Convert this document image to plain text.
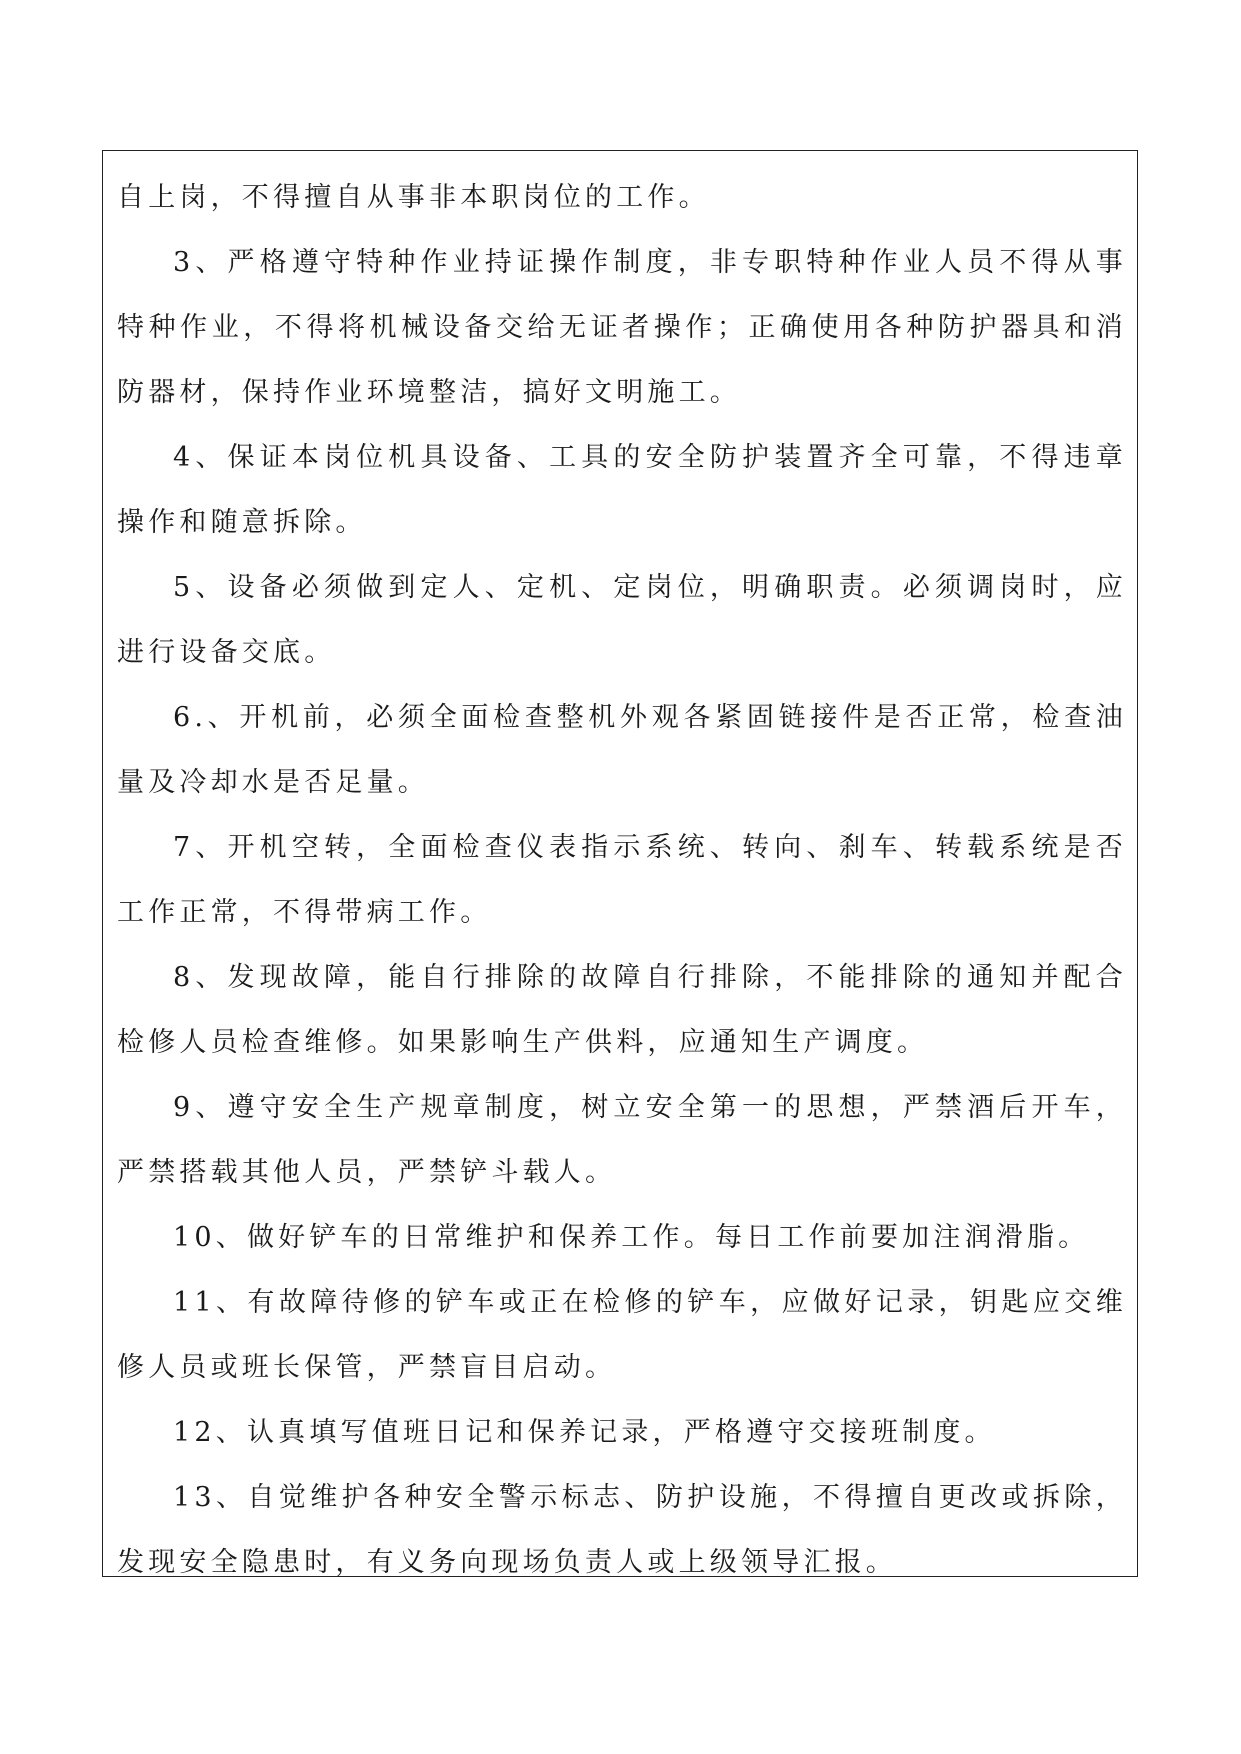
自上岗，不得擅自从事非本职岗位的工作。

3、严格遵守特种作业持证操作制度，非专职特种作业人员不得从事特种作业，不得将机械设备交给无证者操作；正确使用各种防护器具和消防器材，保持作业环境整洁，搞好文明施工。

4、保证本岗位机具设备、工具的安全防护装置齐全可靠，不得违章操作和随意拆除。

5、设备必须做到定人、定机、定岗位，明确职责。必须调岗时，应进行设备交底。

6.、开机前，必须全面检查整机外观各紧固链接件是否正常，检查油量及冷却水是否足量。

7、开机空转，全面检查仪表指示系统、转向、刹车、转载系统是否工作正常，不得带病工作。

8、发现故障，能自行排除的故障自行排除，不能排除的通知并配合检修人员检查维修。如果影响生产供料，应通知生产调度。

9、遵守安全生产规章制度，树立安全第一的思想，严禁酒后开车，严禁搭载其他人员，严禁铲斗载人。

10、做好铲车的日常维护和保养工作。每日工作前要加注润滑脂。

11、有故障待修的铲车或正在检修的铲车，应做好记录，钥匙应交维修人员或班长保管，严禁盲目启动。

12、认真填写值班日记和保养记录，严格遵守交接班制度。

13、自觉维护各种安全警示标志、防护设施，不得擅自更改或拆除，发现安全隐患时，有义务向现场负责人或上级领导汇报。
